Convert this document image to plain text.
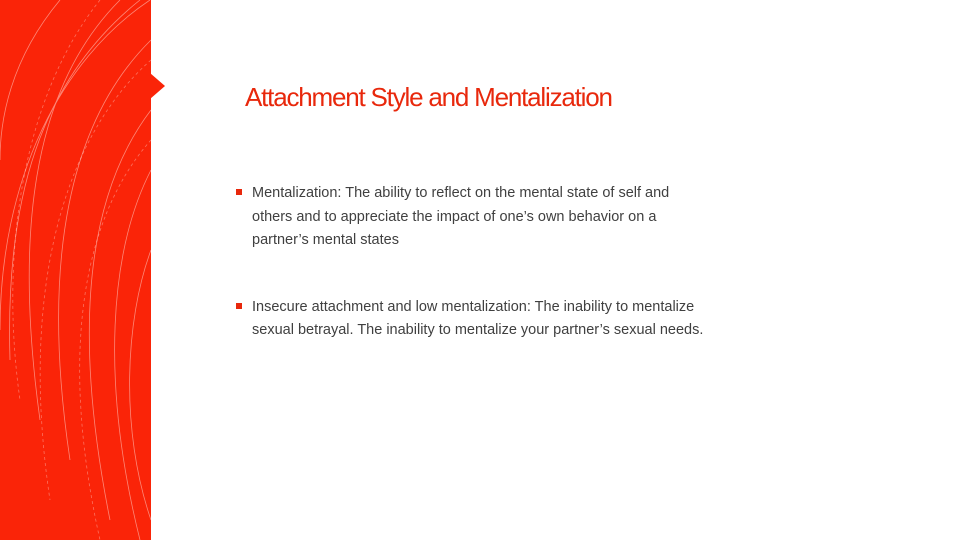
Attachment Style and Mentalization
Mentalization: The ability to reflect on the mental state of self and others and to appreciate the impact of one’s own behavior on a partner’s mental states
Insecure attachment and low mentalization: The inability to mentalize sexual betrayal. The inability to mentalize your partner’s sexual needs.
